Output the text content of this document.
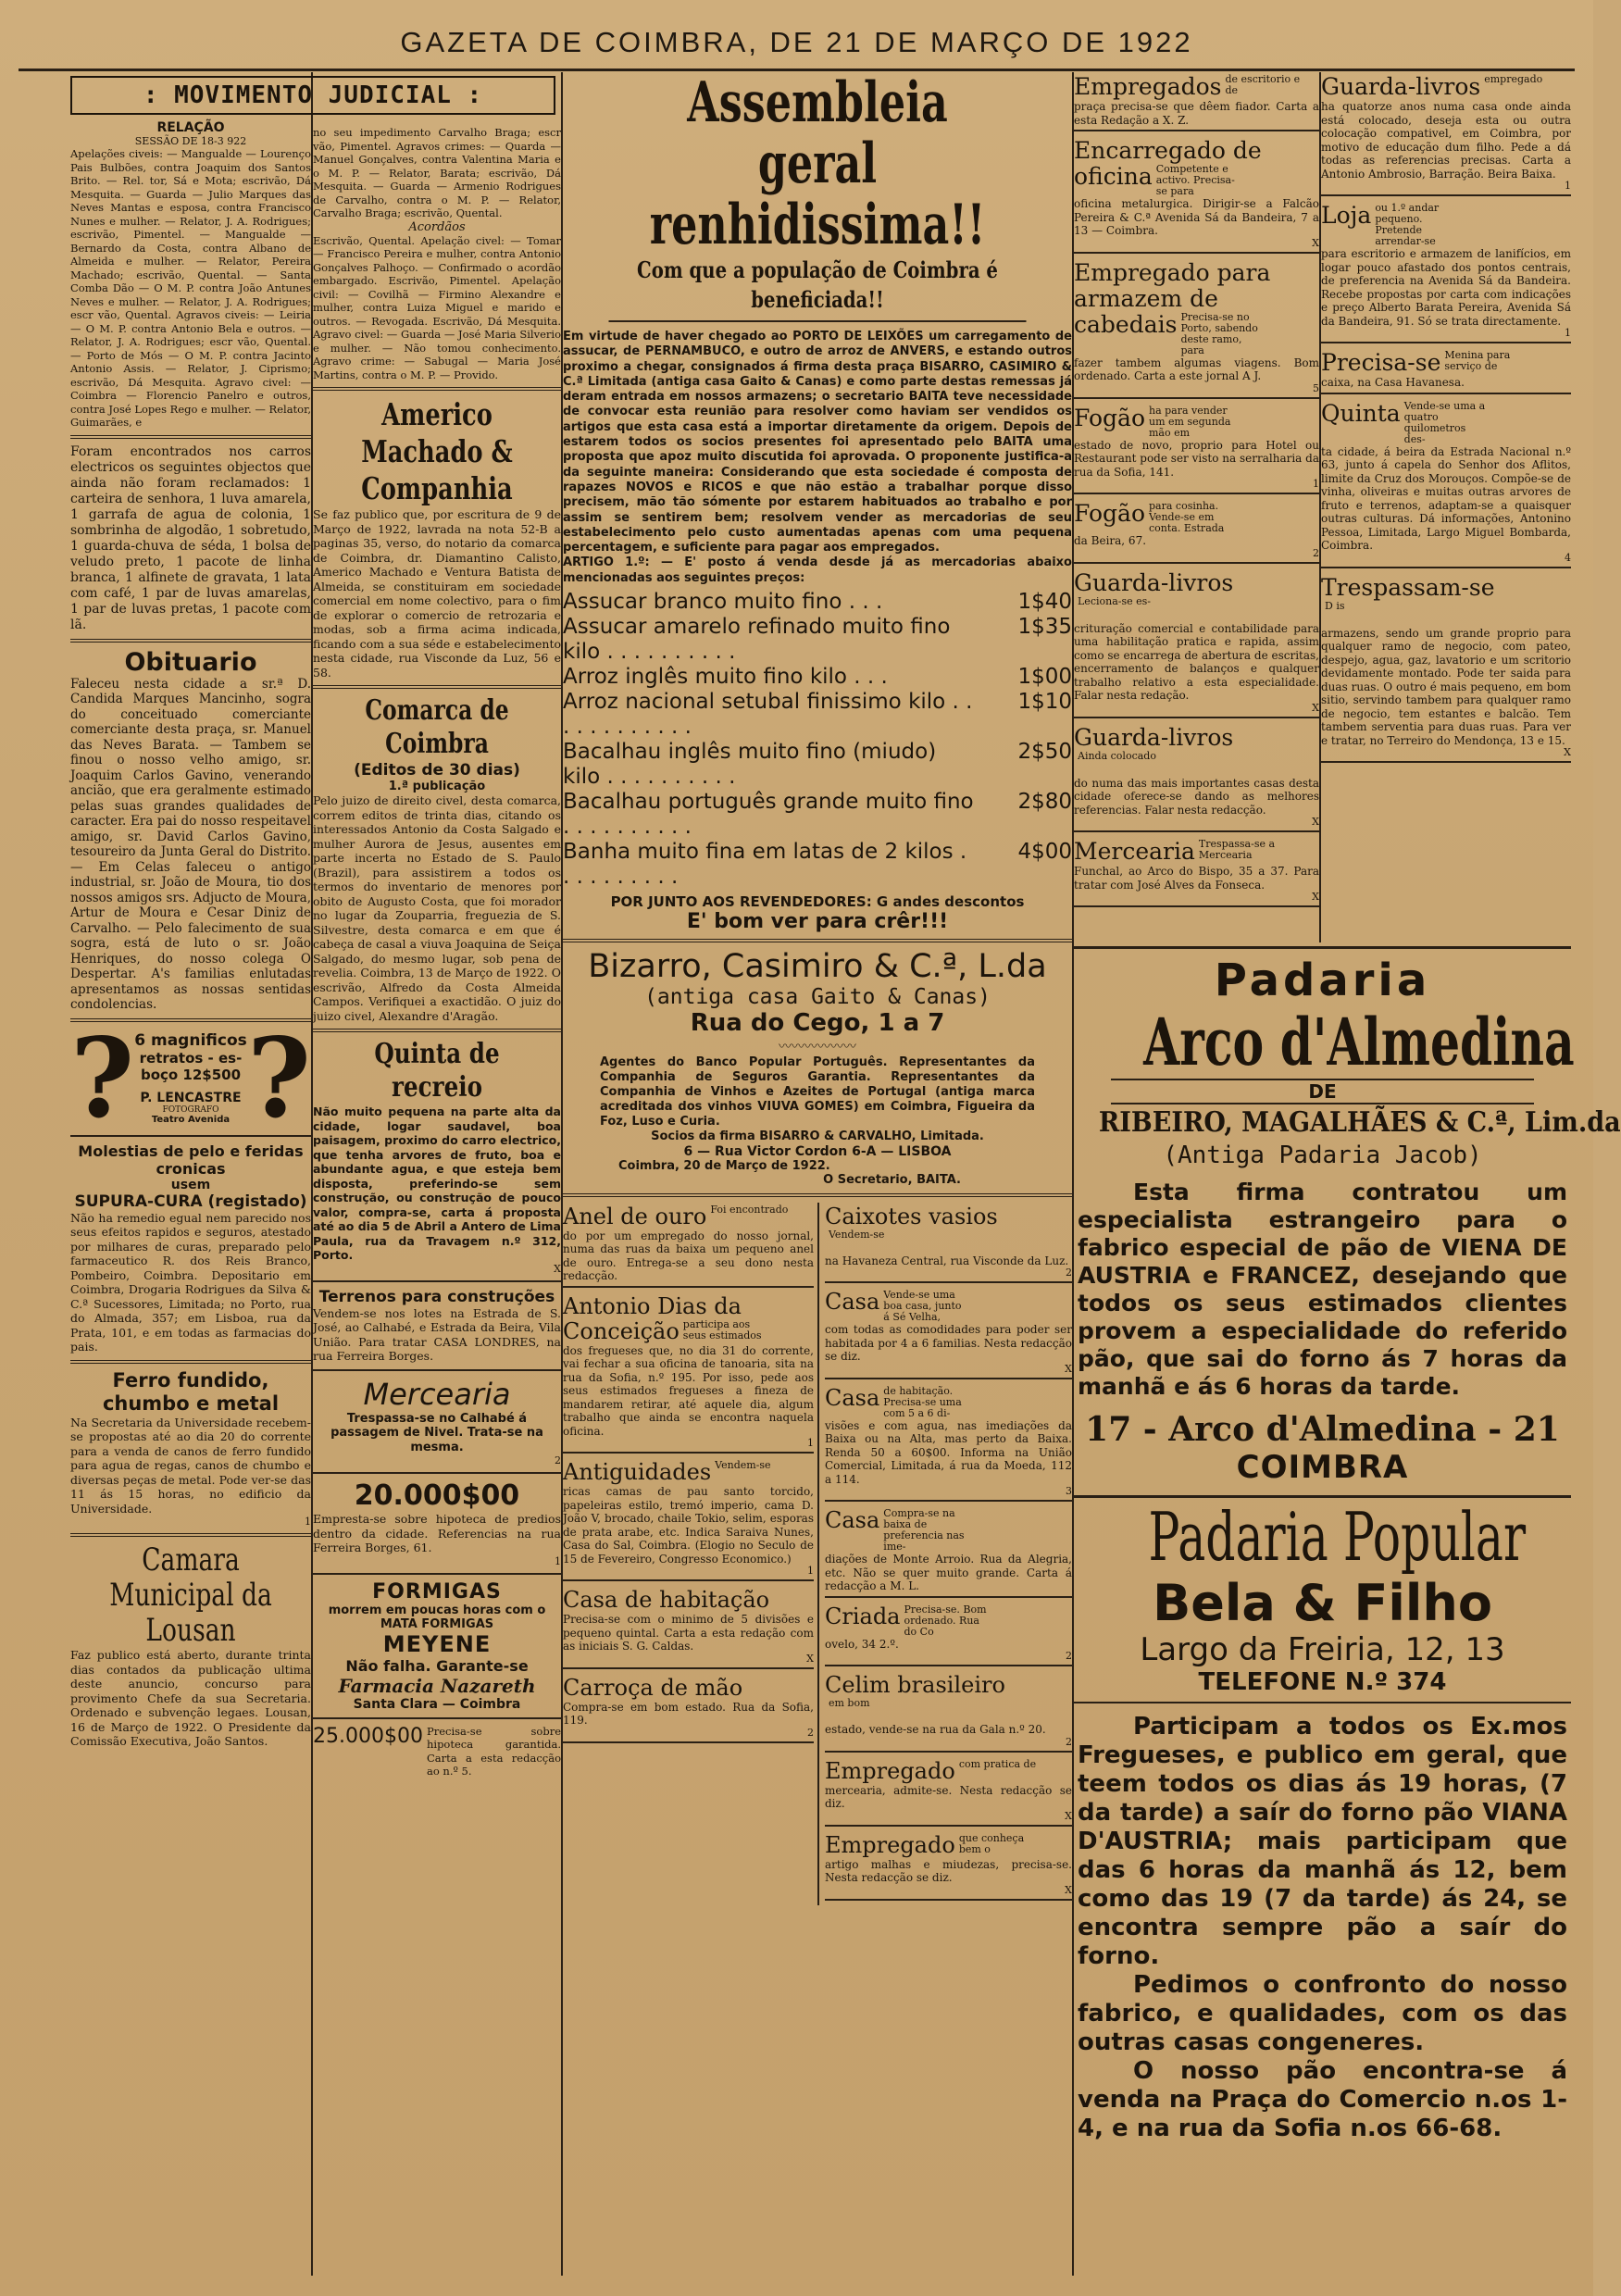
GAZETA DE COIMBRA, DE 21 DE MARÇO DE 1922
: MOVIMENTO JUDICIAL :
RELAÇÃO
SESSÃO DE 18-3 922
Apelações civeis: — Mangualde — Lourenço Pais Bulbões, contra Joaquim dos Santos Brito. — Rel. tor, Sá e Mota; escrivão, Dá Mesquita. — Guarda — Julio Marques das Neves Mantas e esposa, contra Francisco Nunes e mulher. — Relator, J. A. Rodrigues; escrivão, Pimentel. — Mangualde — Bernardo da Costa, contra Albano de Almeida e mulher. — Relator, Pereira Machado; escrivão, Quental. — Santa Comba Dão — O M. P. contra João Antunes Neves e mulher. — Relator, J. A. Rodrigues; escr vão, Quental. Agravos civeis: — Leiria — O M. P. contra Antonio Bela e outros. — Relator, J. A. Rodrigues; escr vão, Quental. — Porto de Mós — O M. P. contra Jacinto Antonio Assis. — Relator, J. Ciprismo; escrivão, Dá Mesquita. Agravo civel: — Coimbra — Florencio Panelro e outros, contra José Lopes Rego e mulher. — Relator, Guimarães, e
Foram encontrados nos carros electricos os seguintes objectos que ainda não foram reclamados: 1 carteira de senhora, 1 luva amarela, 1 garrafa de agua de colonia, 1 sombrinha de algodão, 1 sobretudo, 1 guarda-chuva de séda, 1 bolsa de veludo preto, 1 pacote de linha branca, 1 alfinete de gravata, 1 lata com café, 1 par de luvas amarelas, 1 par de luvas pretas, 1 pacote com lã.
Obituario
Faleceu nesta cidade a sr.ª D. Candida Marques Mancinho, sogra do conceituado comerciante comerciante desta praça, sr. Manuel das Neves Barata. — Tambem se finou o nosso velho amigo, sr. Joaquim Carlos Gavino, venerando ancião, que era geralmente estimado pelas suas grandes qualidades de caracter. Era pai do nosso respeitavel amigo, sr. David Carlos Gavino, tesoureiro da Junta Geral do Distrito. — Em Celas faleceu o antigo industrial, sr. João de Moura, tio dos nossos amigos srs. Adjucto de Moura, Artur de Moura e Cesar Diniz de Carvalho. — Pelo falecimento de sua sogra, está de luto o sr. João Henriques, do nosso colega O Despertar. A's familias enlutadas apresentamos as nossas sentidas condolencias.
? 6 magnificos
retratos - es-
boço 12$500
P. LENCASTRE
FOTOGRAFO
Teatro Avenida ?
Molestias de pelo e feridas cronicas
usem
SUPURA-CURA (registado)
Não ha remedio egual nem parecido nos seus efeitos rapidos e seguros, atestado por milhares de curas, preparado pelo farmaceutico R. dos Reis Branco, Pombeiro, Coimbra. Depositario em Coimbra, Drogaria Rodrigues da Silva & C.ª Sucessores, Limitada; no Porto, rua do Almada, 357; em Lisboa, rua da Prata, 101, e em todas as farmacias do pais.
Ferro fundido, chumbo e metal
Na Secretaria da Universidade recebem-se propostas até ao dia 20 do corrente para a venda de canos de ferro fundido para agua de regas, canos de chumbo e diversas peças de metal. Pode ver-se das 11 ás 15 horas, no edificio da Universidade.
1
Camara Municipal da Lousan
Faz publico está aberto, durante trinta dias contados da publicação ultima deste anuncio, concurso para provimento Chefe da sua Secretaria. Ordenado e subvenção legaes. Lousan, 16 de Março de 1922. O Presidente da Comissão Executiva, João Santos.
no seu impedimento Carvalho Braga; escr vão, Pimentel. Agravos crimes: — Quarda — Manuel Gonçalves, contra Valentina Maria e o M. P. — Relator, Barata; escrivão, Dá Mesquita. — Guarda — Armenio Rodrigues de Carvalho, contra o M. P. — Relator, Carvalho Braga; escrivão, Quental.
Acordãos
Escrivão, Quental. Apelação civel: — Tomar — Francisco Pereira e mulher, contra Antonio Gonçalves Palhoço. — Confirmado o acordão embargado. Escrivão, Pimentel. Apelação civil: — Covilhã — Firmino Alexandre e mulher, contra Luiza Miguel e marido e outros. — Revogada. Escrivão, Dá Mesquita. Agravo civel: — Guarda — José Maria Silverio e mulher. — Não tomou conhecimento. Agravo crime: — Sabugal — Maria José Martins, contra o M. P. — Provido.
Americo Machado & Companhia
Se faz publico que, por escritura de 9 de Março de 1922, lavrada na nota 52-B a paginas 35, verso, do notario da comarca de Coimbra, dr. Diamantino Calisto, Americo Machado e Ventura Batista de Almeida, se constituiram em sociedade comercial em nome colectivo, para o fim de explorar o comercio de retrozaria e modas, sob a firma acima indicada, ficando com a sua séde e estabelecimento nesta cidade, rua Visconde da Luz, 56 e 58.
Comarca de Coimbra
(Editos de 30 dias)
1.ª publicação
Pelo juizo de direito civel, desta comarca, correm editos de trinta dias, citando os interessados Antonio da Costa Salgado e mulher Aurora de Jesus, ausentes em parte incerta no Estado de S. Paulo (Brazil), para assistirem a todos os termos do inventario de menores por obito de Augusto Costa, que foi morador no lugar da Zouparria, freguezia de S. Silvestre, desta comarca e em que é cabeça de casal a viuva Joaquina de Seiça Salgado, do mesmo lugar, sob pena de revelia. Coimbra, 13 de Março de 1922. O escrivão, Alfredo da Costa Almeida Campos. Verifiquei a exactidão. O juiz do juizo civel, Alexandre d'Aragão.
Quinta de recreio
Não muito pequena na parte alta da cidade, logar saudavel, boa paisagem, proximo do carro electrico, que tenha arvores de fruto, boa e abundante agua, e que esteja bem disposta, preferindo-se sem construção, ou construção de pouco valor, compra-se, carta á proposta até ao dia 5 de Abril a Antero de Lima Paula, rua da Travagem n.º 312, Porto.
X
Terrenos para construções
Vendem-se nos lotes na Estrada de S. José, ao Calhabé, e Estrada da Beira, Vila União. Para tratar CASA LONDRES, na rua Ferreira Borges.
Mercearia
Trespassa-se no Calhabé á passagem de Nivel. Trata-se na mesma.
2
20.000$00
Empresta-se sobre hipoteca de predios dentro da cidade. Referencias na rua Ferreira Borges, 61.
1
FORMIGAS
morrem em poucas horas com o MATA FORMIGAS
MEYENE
Não falha. Garante-se
Farmacia Nazareth
Santa Clara — Coimbra
25.000$00 Precisa-se sobre hipoteca garantida. Carta a esta redacção ao n.º 5.
Assembleia geral
renhidissima!!
Com que a população de Coimbra é beneficiada!!
Em virtude de haver chegado ao PORTO DE LEIXÕES um carregamento de assucar, de PERNAMBUCO, e outro de arroz de ANVERS, e estando outros proximo a chegar, consignados á firma desta praça BISARRO, CASIMIRO & C.ª Limitada (antiga casa Gaito & Canas) e como parte destas remessas já deram entrada em nossos armazens; o secretario BAITA teve necessidade de convocar esta reunião para resolver como haviam ser vendidos os artigos que esta casa está a importar diretamente da origem. Depois de estarem todos os socios presentes foi apresentado pelo BAITA uma proposta que apoz muito discutida foi aprovada. O proponente justifica-a da seguinte maneira: Considerando que esta sociedade é composta de rapazes NOVOS e RICOS e que não estão a trabalhar porque disso precisem, mão tão sómente por estarem habituados ao trabalho e por assim se sentirem bem; resolvem vender as mercadorias de seu estabelecimento pelo custo aumentadas apenas com uma pequena percentagem, e suficiente para pagar aos empregados.
ARTIGO 1.º: — E' posto á venda desde já as mercadorias abaixo mencionadas aos seguintes preços:
Assucar branco muito fino . . .	1$40
Assucar amarelo refinado muito fino kilo . . . . . . . . . .
1$35
Arroz inglês muito fino kilo . . .	1$00
Arroz nacional setubal finissimo kilo . . . . . . . . . . . .
1$10
Bacalhau inglês muito fino (miudo) kilo . . . . . . . . . .
2$50
Bacalhau português grande muito fino . . . . . . . . . .
2$80
Banha muito fina em latas de 2 kilos . . . . . . . . . .
4$00
POR JUNTO AOS REVENDEDORES: G andes descontos
E' bom ver para crêr!!!
Bizarro, Casimiro & C.ª, L.da
(antiga casa Gaito & Canas)
Rua do Cego, 1 a 7
〰〰〰〰〰〰
Agentes do Banco Popular Português. Representantes da Companhia de Seguros Garantia. Representantes da Companhia de Vinhos e Azeites de Portugal (antiga marca acreditada dos vinhos VIUVA GOMES) em Coimbra, Figueira da Foz, Luso e Curia.
Socios da firma BISARRO & CARVALHO, Limitada.
6 — Rua Victor Cordon 6-A — LISBOA
Coimbra, 20 de Março de 1922.
O Secretario, BAITA.
Anel de ouro Foi encontrado
do por um empregado do nosso jornal, numa das ruas da baixa um pequeno anel de ouro. Entrega-se a seu dono nesta redacção.
Antonio Dias da Conceição participa aos seus estimados
dos fregueses que, no dia 31 do corrente, vai fechar a sua oficina de tanoaria, sita na rua da Sofia, n.º 195. Por isso, pede aos seus estimados fregueses a fineza de mandarem retirar, até aquele dia, algum trabalho que ainda se encontra naquela oficina.
1
Antiguidades Vendem-se
ricas camas de pau santo torcido, papeleiras estilo, tremó imperio, cama D. João V, brocado, chaile Tokio, selim, esporas de prata arabe, etc. Indica Saraiva Nunes, Casa do Sal, Coimbra. (Elogio no Seculo de 15 de Fevereiro, Congresso Economico.)
1
Casa de habitação
Precisa-se com o minimo de 5 divisões e pequeno quintal. Carta a esta redação com as iniciais S. G. Caldas.
X
Carroça de mão
Compra-se em bom estado. Rua da Sofia, 119.
2
Caixotes vasiosVendem-se
na Havaneza Central, rua Visconde da Luz.
2
Casa Vende-se uma boa casa, junto á Sé Velha,
com todas as comodidades para poder ser habitada por 4 a 6 familias. Nesta redacção se diz.
X
Casa de habitação. Precisa-se uma com 5 a 6 di-
visões e com agua, nas imediações da Baixa ou na Alta, mas perto da Baixa. Renda 50 a 60$00. Informa na União Comercial, Limitada, á rua da Moeda, 112 a 114.
3
Casa Compra-se na baixa de preferencia nas ime-
diações de Monte Arroio. Rua da Alegria, etc. Não se quer muito grande. Carta á redacção a M. L.
Criada Precisa-se. Bom ordenado. Rua do Co
ovelo, 34 2.º.
2
Celim brasileiroem bom
estado, vende-se na rua da Gala n.º 20.
2
Empregado com pratica de
mercearia, admite-se. Nesta redacção se diz.
X
Empregado que conheça bem o
artigo malhas e miudezas, precisa-se. Nesta redacção se diz.
X
Empregados de escritorio e de
praça precisa-se que dêem fiador. Carta a esta Redação a X. Z.
Encarregado de oficina Competente e activo. Precisa-se para
oficina metalurgica. Dirigir-se a Falcão Pereira & C.ª Avenida Sá da Bandeira, 7 a 13 — Coimbra.
X
Empregado para armazem de cabedais Precisa-se no Porto, sabendo deste ramo, para
fazer tambem algumas viagens. Bom ordenado. Carta a este jornal A J.
5
Fogão ha para vender um em segunda mão em
estado de novo, proprio para Hotel ou Restaurant pode ser visto na serralharia da rua da Sofia, 141.
1
Fogão para cosinha. Vende-se em conta. Estrada
da Beira, 67.
2
Guarda-livrosLeciona-se es-
crituração comercial e contabilidade para uma habilitação pratica e rapida, assim como se encarrega de abertura de escritas, encerramento de balanços e qualquer trabalho relativo a esta especialidade. Falar nesta redação.
X
Guarda-livrosAinda colocado
do numa das mais importantes casas desta cidade oferece-se dando as melhores referencias. Falar nesta redacção.
X
Mercearia Trespassa-se a Mercearia
Funchal, ao Arco do Bispo, 35 a 37. Para tratar com José Alves da Fonseca.
X
Guarda-livros empregado
ha quatorze anos numa casa onde ainda está colocado, deseja esta ou outra colocação compativel, em Coimbra, por motivo de educação dum filho. Pede a dá todas as referencias precisas. Carta a Antonio Ambrosio, Barração. Beira Baixa.
1
Loja ou 1.º andar pequeno. Pretende arrendar-se
para escritorio e armazem de lanifícios, em logar pouco afastado dos pontos centrais, de preferencia na Avenida Sá da Bandeira. Recebe propostas por carta com indicações e preço Alberto Barata Pereira, Avenida Sá da Bandeira, 91. Só se trata directamente.
1
Precisa-se Menina para serviço de
caixa, na Casa Havanesa.
Quinta Vende-se uma a quatro quilometros des-
ta cidade, á beira da Estrada Nacional n.º 63, junto á capela do Senhor dos Aflitos, limite da Cruz dos Morouços. Compõe-se de vinha, oliveiras e muitas outras arvores de fruto e terrenos, adaptam-se a quaisquer outras culturas. Dá informações, Antonino Pessoa, Limitada, Largo Miguel Bombarda, Coimbra.
4
Trespassam-seD is
armazens, sendo um grande proprio para qualquer ramo de negocio, com pateo, despejo, agua, gaz, lavatorio e um scritorio devidamente montado. Pode ter saida para duas ruas. O outro é mais pequeno, em bom sitio, servindo tambem para qualquer ramo de negocio, tem estantes e balcão. Tem tambem serventia para duas ruas. Para ver e tratar, no Terreiro do Mendonça, 13 e 15.
X
Padaria
Arco d'Almedina
DE
RIBEIRO, MAGALHÃES & C.ª, Lim.da
(Antiga Padaria Jacob)
Esta firma contratou um especialista estrangeiro para o fabrico especial de pão de VIENA DE AUSTRIA e FRANCEZ, desejando que todos os seus estimados clientes provem a especialidade do referido pão, que sai do forno ás 7 horas da manhã e ás 6 horas da tarde.
17 - Arco d'Almedina - 21
COIMBRA
Padaria Popular
Bela & Filho
Largo da Freiria, 12, 13
TELEFONE N.º 374
Participam a todos os Ex.mos Fregueses, e publico em geral, que teem todos os dias ás 19 horas, (7 da tarde) a saír do forno pão VIANA D'AUSTRIA; mais participam que das 6 horas da manhã ás 12, bem como das 19 (7 da tarde) ás 24, se encontra sempre pão a saír do forno.
Pedimos o confronto do nosso fabrico, e qualidades, com os das outras casas congeneres.
O nosso pão encontra-se á venda na Praça do Comercio n.os 1-4, e na rua da Sofia n.os 66-68.
